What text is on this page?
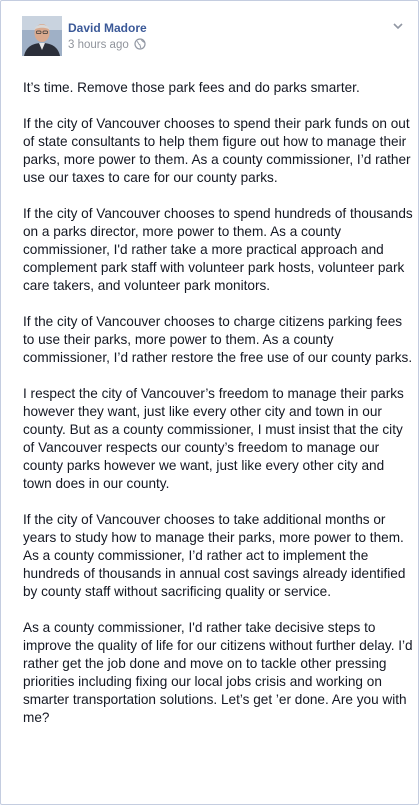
David Madore
3 hours ago

It’s time. Remove those park fees and do parks smarter.

If the city of Vancouver chooses to spend their park funds on out of state consultants to help them figure out how to manage their parks, more power to them. As a county commissioner, I’d rather use our taxes to care for our county parks.

If the city of Vancouver chooses to spend hundreds of thousands on a parks director, more power to them. As a county commissioner, I'd rather take a more practical approach and complement park staff with volunteer park hosts, volunteer park care takers, and volunteer park monitors.

If the city of Vancouver chooses to charge citizens parking fees to use their parks, more power to them. As a county commissioner, I’d rather restore the free use of our county parks.

I respect the city of Vancouver’s freedom to manage their parks however they want, just like every other city and town in our county. But as a county commissioner, I must insist that the city of Vancouver respects our county’s freedom to manage our county parks however we want, just like every other city and town does in our county.

If the city of Vancouver chooses to take additional months or years to study how to manage their parks, more power to them. As a county commissioner, I’d rather act to implement the hundreds of thousands in annual cost savings already identified by county staff without sacrificing quality or service.

As a county commissioner, I'd rather take decisive steps to improve the quality of life for our citizens without further delay. I’d rather get the job done and move on to tackle other pressing priorities including fixing our local jobs crisis and working on smarter transportation solutions. Let’s get ’er done. Are you with me?
